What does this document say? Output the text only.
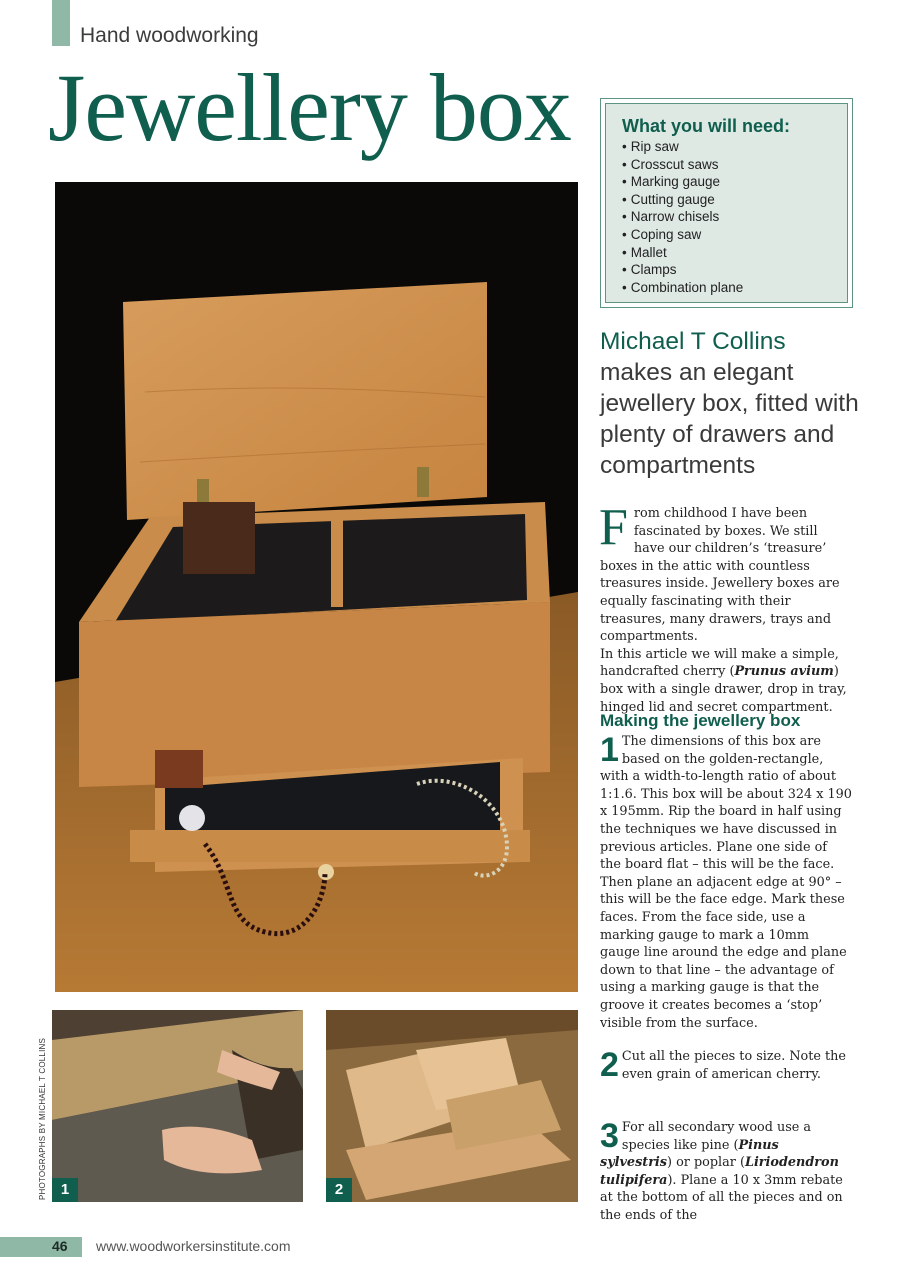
Hand woodworking
Jewellery box	What you will need:
• Rip saw
• Crosscut saws
• Marking gauge
• Cutting gauge
• Narrow chisels
• Coping saw
• Mallet
• Clamps
• Combination plane
Michael T Collins
makes an elegant jewellery box, fitted with plenty of drawers and compartments
F rom childhood I have been fascinated by boxes. We still have our children’s ‘treasure’ boxes in the attic with countless treasures inside. Jewellery boxes are equally fascinating with their treasures, many drawers, trays and compartments.

In this article we will make a simple, handcrafted cherry (Prunus avium) box with a single drawer, drop in tray, hinged lid and secret compartment.

Making the jewellery box
1 The dimensions of this box are based on the golden-rectangle, with a width-to-length ratio of about 1:1.6. This box will be about 324 x 190 x 195mm. Rip the board in half using the techniques we have discussed in previous articles. Plane one side of the board flat – this will be the face. Then plane an adjacent edge at 90° – this will be the face edge. Mark these faces. From the face side, use a marking gauge to mark a 10mm gauge line around the edge and plane down to that line – the advantage of using a marking gauge is that the groove it creates becomes a ‘stop’ visible from the surface.

2 Cut all the pieces to size. Note the even grain of american cherry.

3 For all secondary wood use a species like pine (Pinus sylvestris) or poplar (Liriodendron tulipifera). Plane a 10 x 3mm rebate at the bottom of all the pieces and on the ends of the

1	2
PHOTOGRAPHS BY MICHAEL T COLLINS
46 www.woodworkersinstitute.com
